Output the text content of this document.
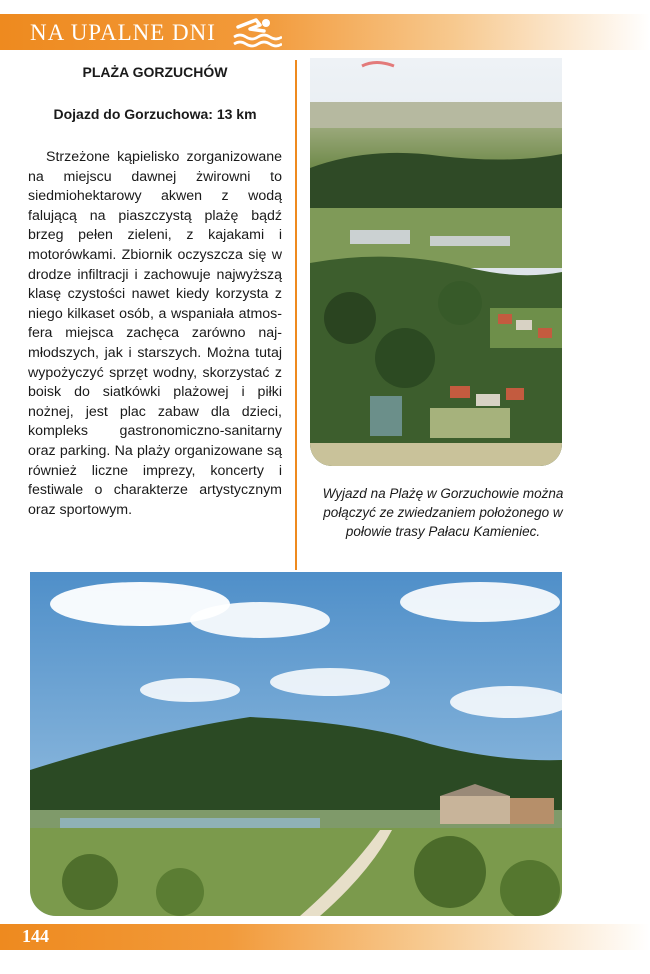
NA UPALNE DNI
PLAŻA GORZUCHÓW
Dojazd do Gorzuchowa: 13 km

Strzeżone kąpielisko zorganizowane na miejscu dawnej żwirowni to siedmiohektarowy akwen z wodą falującą na piaszczystą plażę bądź brzeg pełen zieleni, z kajakami i motorówkami. Zbiornik oczyszcza się w drodze infiltracji i zachowuje najwyższą klasę czystości nawet kiedy korzysta z niego kilkaset osób, a wspaniała atmosfera miejsca zachęca zarówno najmłodszych, jak i starszych. Można tutaj wypożyczyć sprzęt wodny, skorzystać z boisk do siatkówki plażowej i piłki nożnej, jest plac zabaw dla dzieci, kompleks gastronomiczno-sanitarny oraz parking. Na plaży organizowane są również liczne imprezy, koncerty i festiwale o charakterze artystycznym oraz sportowym.

Wyjazd na Plażę w Gorzuchowie można połączyć ze zwiedzaniem położonego w połowie trasy Pałacu Kamieniec.
144
